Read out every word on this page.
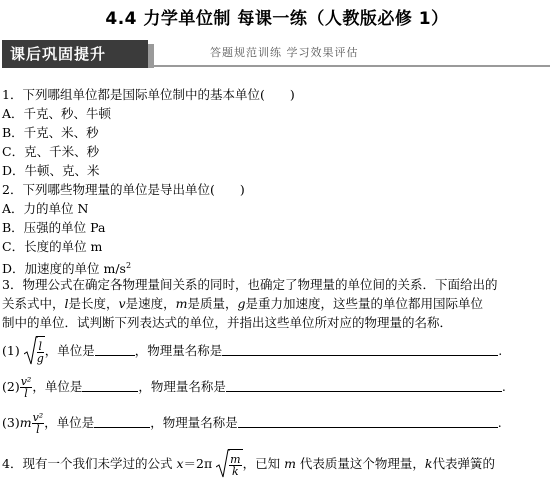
4.4 力学单位制 每课一练（人教版必修 1）
课后巩固提升	答题规范训练 学习效果评估
1．下列哪组单位都是国际单位制中的基本单位(　　)
A．千克、秒、牛顿
B．千克、米、秒
C．克、千米、秒
D．牛顿、克、米
2．下列哪些物理量的单位是导出单位(　　)
A．力的单位 N
B．压强的单位 Pa
C．长度的单位 m
D．加速度的单位 $m/s^2$
3．物理公式在确定各物理量间关系的同时，也确定了物理量的单位间的关系．下面给出的
关系式中，l是长度，v是速度，m是质量，g是重力加速度，这些量的单位都用国际单位
制中的单位．试判断下列表达式的单位，并指出这些单位所对应的物理量的名称．
$(1) \frac{l}{g}$ ，单位是	，物理量名称是	.
$(2) \frac{\text{v²}}{l}$ ，单位是	，物理量名称是	.
$(3)m \frac{\text{v²}}{l}$ ，单位是	，物理量名称是	.
4．现有一个我们未学过的公式 $x=2\pi \frac{m}{k}$ ，已知 m 代表质量这个物理量，k代表弹簧的
